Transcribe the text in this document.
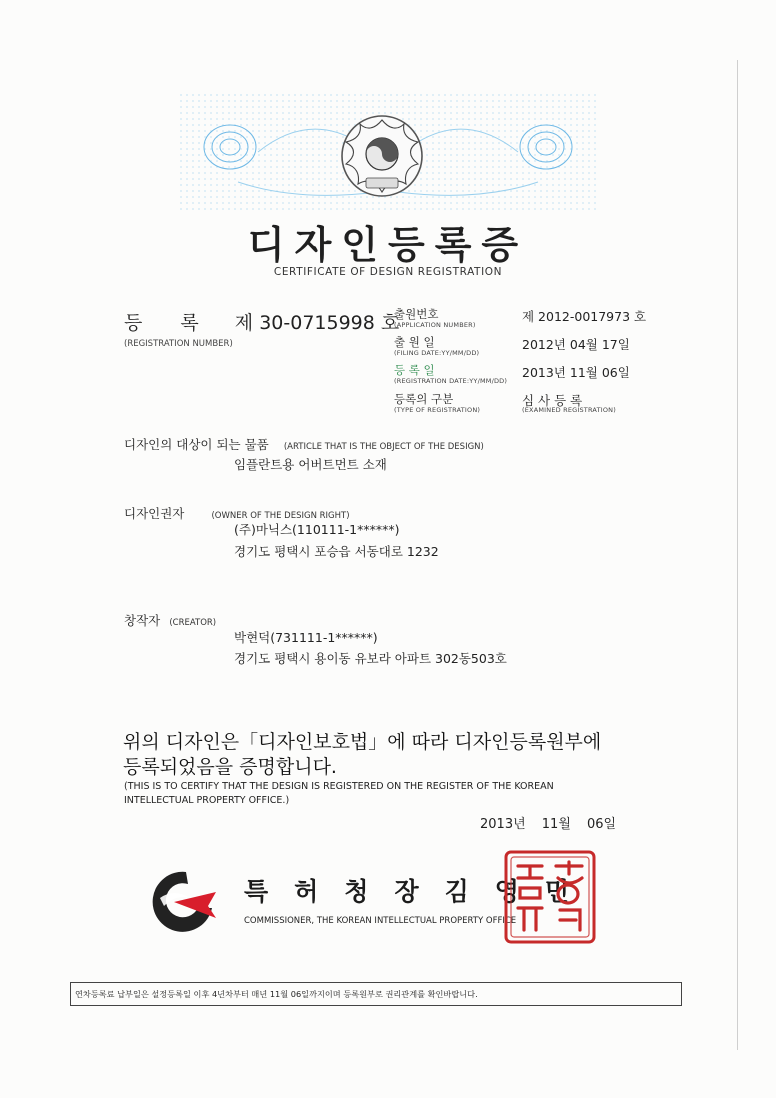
디자인등록증
CERTIFICATE OF DESIGN REGISTRATION
등 록 제 30-0715998 호
(REGISTRATION NUMBER)
출원번호
(APPLICATION NUMBER)
제 2012-0017973 호
출 원 일
(FILING DATE:YY/MM/DD)
2012년 04월 17일
등 록 일
(REGISTRATION DATE:YY/MM/DD)
2013년 11월 06일
등록의 구분
(TYPE OF REGISTRATION)
심 사 등 록
(EXAMINED REGISTRATION)
디자인의 대상이 되는 물품 (ARTICLE THAT IS THE OBJECT OF THE DESIGN)
임플란트용 어버트먼트 소재
디자인권자	(OWNER OF THE DESIGN RIGHT)
(주)마닉스(110111-1******)
경기도 평택시 포승읍 서동대로 1232
창작자 (CREATOR)
박현덕(731111-1******)
경기도 평택시 용이동 유보라 아파트 302동503호
위의 디자인은「디자인보호법」에 따라 디자인등록원부에
등록되었음을 증명합니다.
(THIS IS TO CERTIFY THAT THE DESIGN IS REGISTERED ON THE REGISTER OF THE KOREAN
INTELLECTUAL PROPERTY OFFICE.)
2013년 11월 06일
특허청장김영민
COMMISSIONER, THE KOREAN INTELLECTUAL PROPERTY OFFICE
연차등록료 납부일은 설정등록일 이후 4년차부터 매년 11월 06일까지이며 등록원부로 권리관계를 확인바랍니다.
